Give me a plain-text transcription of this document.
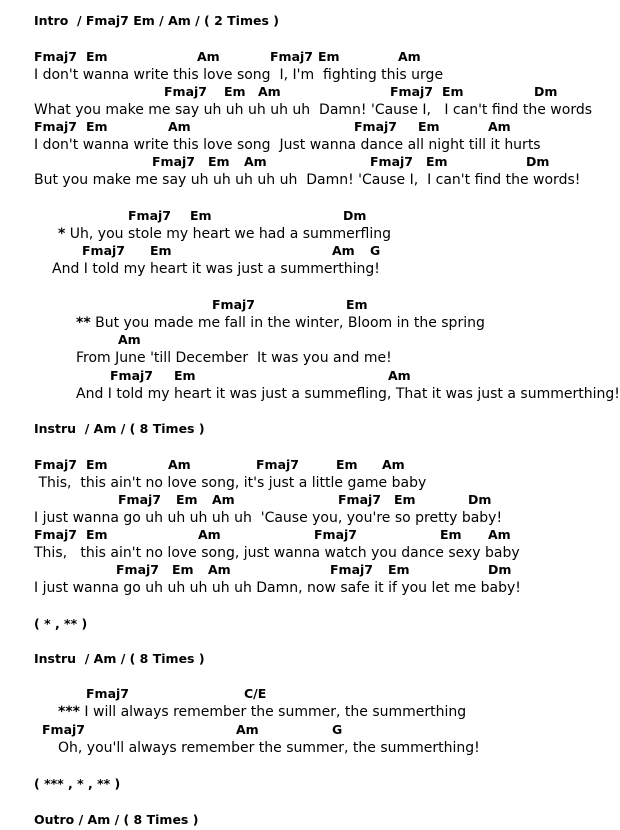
Intro  / Fmaj7 Em / Am / ( 2 Times )
Fmaj7 Em	Am	Fmaj7 Em	Am
I don't wanna write this love song  I, I'm  fighting this urge
Fmaj7 Em Am	Fmaj7 Em	Dm
What you make me say uh uh uh uh uh  Damn! 'Cause I,   I can't find the words
Fmaj7 Em	Am	Fmaj7 Em	Am
I don't wanna write this love song  Just wanna dance all night till it hurts
Fmaj7 Em Am	Fmaj7 Em	Dm
But you make me say uh uh uh uh uh  Damn! 'Cause I,  I can't find the words!
Fmaj7 Em	Dm
* Uh, you stole my heart we had a summerfling
Fmaj7 Em	Am G
And I told my heart it was just a summerthing!
Fmaj7	Em
** But you made me fall in the winter, Bloom in the spring
Am
From June 'till December  It was you and me!
Fmaj7 Em	Am
And I told my heart it was just a summefling, That it was just a summerthing!
Instru  / Am / ( 8 Times )
Fmaj7 Em	Am	Fmaj7	Em Am
This,  this ain't no love song, it's just a little game baby
Fmaj7 Em Am	Fmaj7 Em	Dm
I just wanna go uh uh uh uh uh  'Cause you, you're so pretty baby!
Fmaj7 Em	Am	Fmaj7	Em Am
This,   this ain't no love song, just wanna watch you dance sexy baby
Fmaj7 Em Am	Fmaj7 Em	Dm
I just wanna go uh uh uh uh uh Damn, now safe it if you let me baby!
( * , ** )
Instru  / Am / ( 8 Times )
Fmaj7	C/E
*** I will always remember the summer, the summerthing
Fmaj7	Am	G
Oh, you'll always remember the summer, the summerthing!
( *** , * , ** )
Outro / Am / ( 8 Times )
